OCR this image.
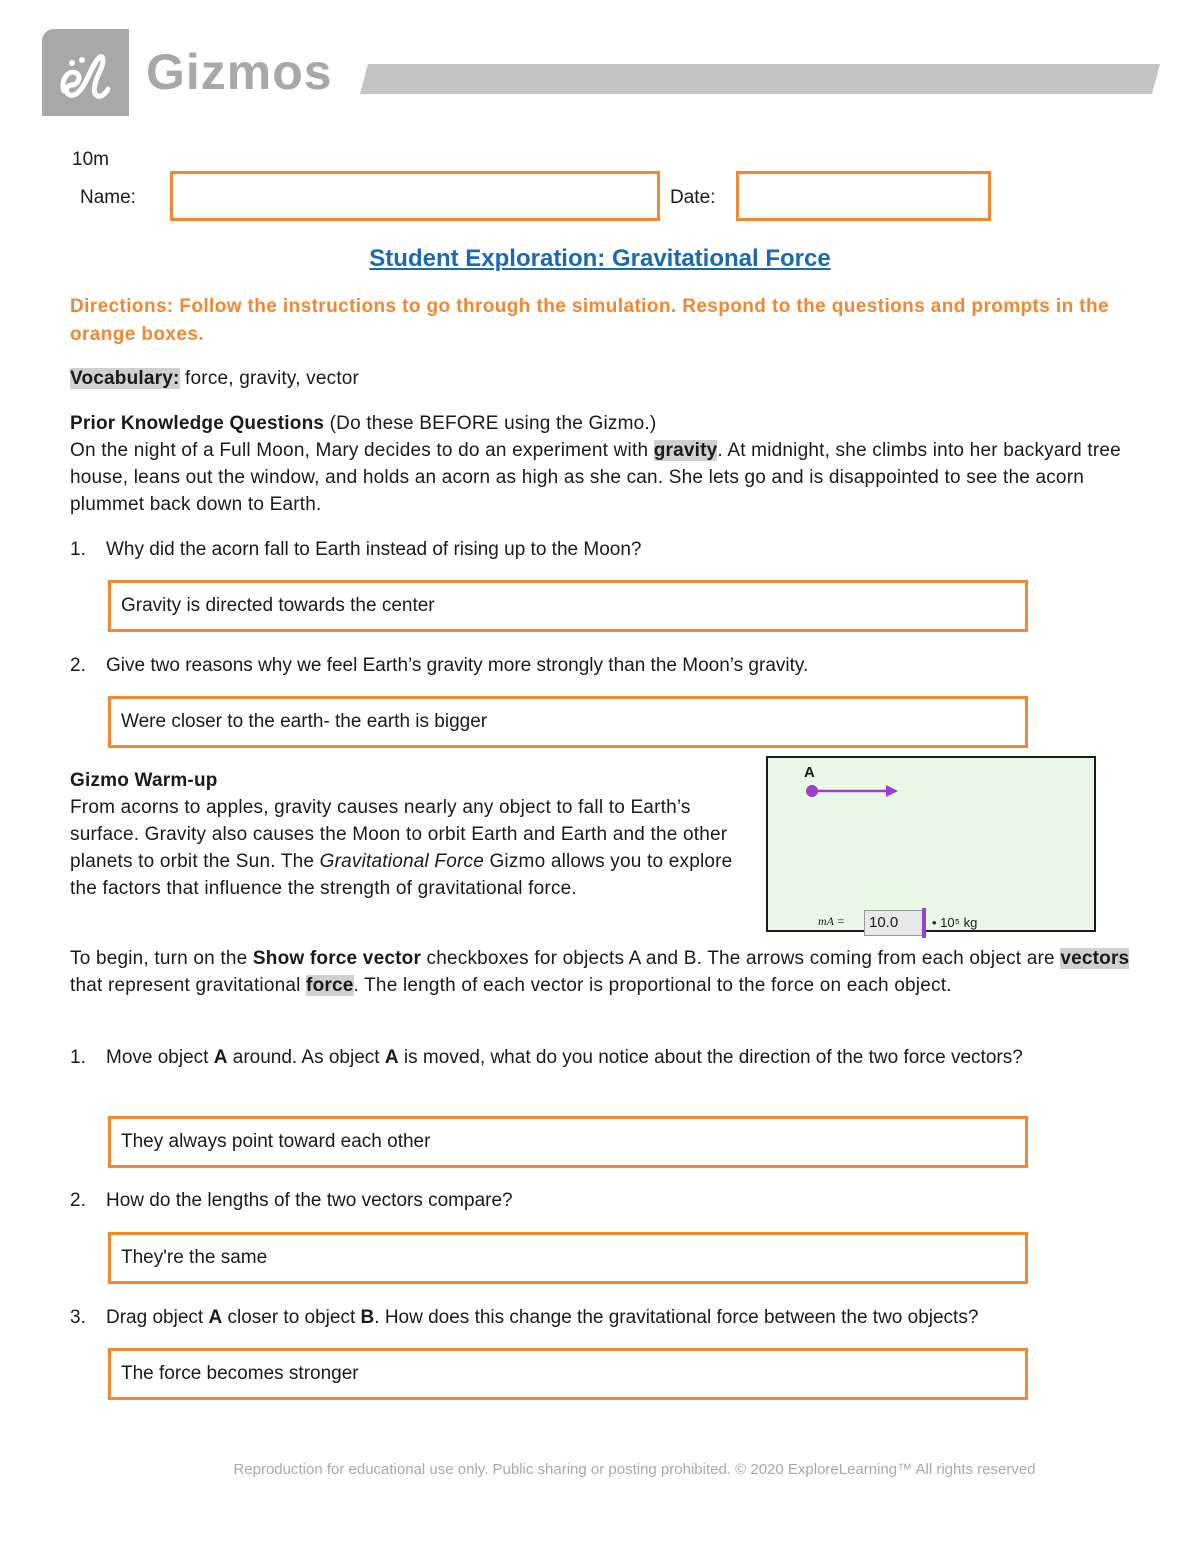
Gizmos
10m
Name:	Date:
Student Exploration: Gravitational Force
Directions: Follow the instructions to go through the simulation. Respond to the questions and prompts in the orange boxes.
Vocabulary: force, gravity, vector
Prior Knowledge Questions (Do these BEFORE using the Gizmo.)
On the night of a Full Moon, Mary decides to do an experiment with gravity. At midnight, she climbs into her backyard tree house, leans out the window, and holds an acorn as high as she can. She lets go and is disappointed to see the acorn plummet back down to Earth.
1. Why did the acorn fall to Earth instead of rising up to the Moon?
Gravity is directed towards the center
2. Give two reasons why we feel Earth’s gravity more strongly than the Moon’s gravity.
Were closer to the earth- the earth is bigger
Gizmo Warm-up
From acorns to apples, gravity causes nearly any object to fall to Earth’s surface. Gravity also causes the Moon to orbit Earth and Earth and the other planets to orbit the Sun. The Gravitational Force Gizmo allows you to explore the factors that influence the strength of gravitational force.
A
mA =	10.0	• 10⁵ kg
To begin, turn on the Show force vector checkboxes for objects A and B. The arrows coming from each object are vectors that represent gravitational force. The length of each vector is proportional to the force on each object.
1. Move object A around. As object A is moved, what do you notice about the direction of the two force vectors?
They always point toward each other
2. How do the lengths of the two vectors compare?
They're the same
3. Drag object A closer to object B. How does this change the gravitational force between the two objects?
The force becomes stronger
Reproduction for educational use only. Public sharing or posting prohibited. © 2020 ExploreLearning™ All rights reserved
